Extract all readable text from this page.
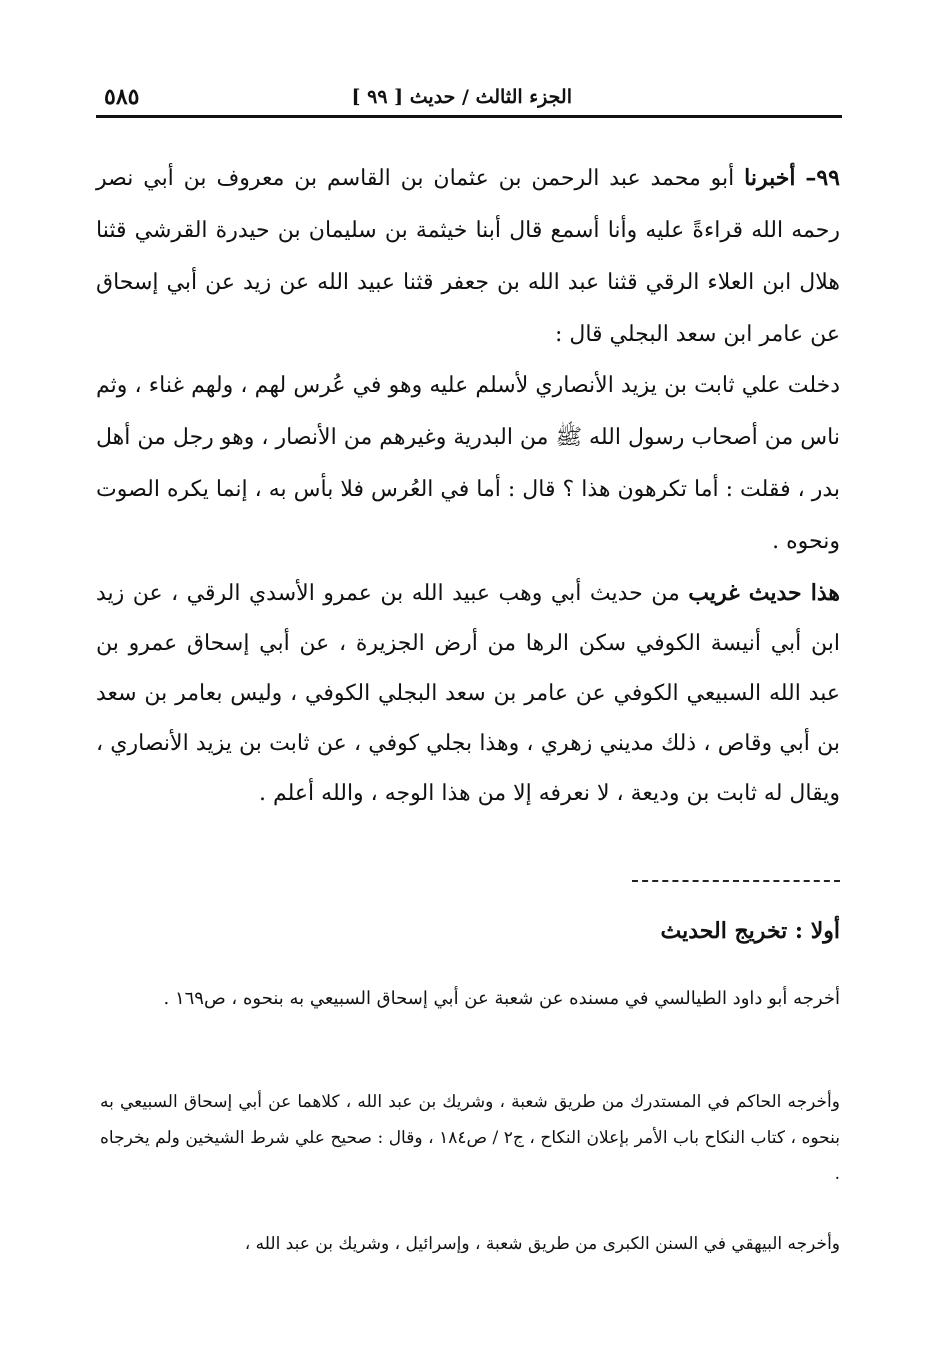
الجزء الثالث / حديث [ ٩٩ ]
٥٨٥

٩٩– أخبرنا أبو محمد عبد الرحمن بن عثمان بن القاسم بن معروف بن أبي نصر رحمه الله قراءةً عليه وأنا أسمع قال أبنا خيثمة بن سليمان بن حيدرة القرشي قثنا هلال ابن العلاء الرقي قثنا عبد الله بن جعفر قثنا عبيد الله عن زيد عن أبي إسحاق عن عامر ابن سعد البجلي قال :

دخلت علي ثابت بن يزيد الأنصاري لأسلم عليه وهو في عُرس لهم ، ولهم غناء ، وثم ناس من أصحاب رسول الله ﷺ من البدرية وغيرهم من الأنصار ، وهو رجل من أهل بدر ، فقلت : أما تكرهون هذا ؟ قال : أما في العُرس فلا بأس به ، إنما يكره الصوت ونحوه .

هذا حديث غريب من حديث أبي وهب عبيد الله بن عمرو الأسدي الرقي ، عن زيد ابن أبي أنيسة الكوفي سكن الرها من أرض الجزيرة ، عن أبي إسحاق عمرو بن عبد الله السبيعي الكوفي عن عامر بن سعد البجلي الكوفي ، وليس بعامر بن سعد بن أبي وقاص ، ذلك مديني زهري ، وهذا بجلي كوفي ، عن ثابت بن يزيد الأنصاري ، ويقال له ثابت بن وديعة ، لا نعرفه إلا من هذا الوجه ، والله أعلم .

أولا : تخريج الحديث

أخرجه أبو داود الطيالسي في مسنده عن شعبة عن أبي إسحاق السبيعي به بنحوه ، ص١٦٩ .

وأخرجه الحاكم في المستدرك من طريق شعبة ، وشريك بن عبد الله ، كلاهما عن أبي إسحاق السبيعي به بنحوه ، كتاب النكاح باب الأمر بإعلان النكاح ، ج٢ / ص١٨٤ ، وقال : صحيح علي شرط الشيخين ولم يخرجاه .

وأخرجه البيهقي في السنن الكبرى من طريق شعبة ، وإسرائيل ، وشريك بن عبد الله ،
